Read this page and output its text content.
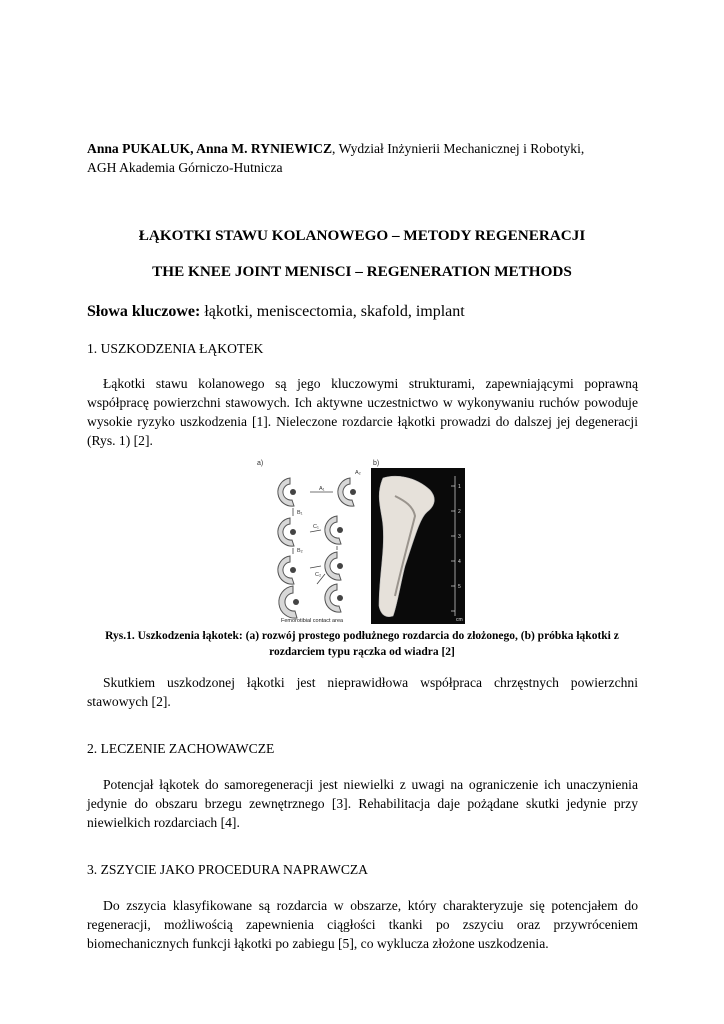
Anna PUKALUK, Anna M. RYNIEWICZ, Wydział Inżynierii Mechanicznej i Robotyki,
AGH Akademia Górniczo-Hutnicza
ŁĄKOTKI STAWU KOLANOWEGO – METODY REGENERACJI
THE KNEE JOINT MENISCI – REGENERATION METHODS
Słowa kluczowe: łąkotki, meniscectomia, skafold, implant
1. USZKODZENIA ŁĄKOTEK
Łąkotki stawu kolanowego są jego kluczowymi strukturami, zapewniającymi poprawną współpracę powierzchni stawowych. Ich aktywne uczestnictwo w wykonywaniu ruchów powoduje wysokie ryzyko uszkodzenia [1]. Nieleczone rozdarcie łąkotki prowadzi do dalszej jej degeneracji (Rys. 1) [2].
a)	b)
A₁
A₂
B₁
B₂
C₁
C₂
Femorotibial contact area
1
2
3
4
5
cm
Rys.1. Uszkodzenia łąkotek: (a) rozwój prostego podłużnego rozdarcia do złożonego, (b) próbka łąkotki z rozdarciem typu rączka od wiadra [2]
Skutkiem uszkodzonej łąkotki jest nieprawidłowa współpraca chrzęstnych powierzchni stawowych [2].
2. LECZENIE ZACHOWAWCZE
Potencjał łąkotek do samoregeneracji jest niewielki z uwagi na ograniczenie ich unaczynienia jedynie do obszaru brzegu zewnętrznego [3]. Rehabilitacja daje pożądane skutki jedynie przy niewielkich rozdarciach [4].
3. ZSZYCIE JAKO PROCEDURA NAPRAWCZA
Do zszycia klasyfikowane są rozdarcia w obszarze, który charakteryzuje się potencjałem do regeneracji, możliwością zapewnienia ciągłości tkanki po zszyciu oraz przywróceniem biomechanicznych funkcji łąkotki po zabiegu [5], co wyklucza złożone uszkodzenia.
